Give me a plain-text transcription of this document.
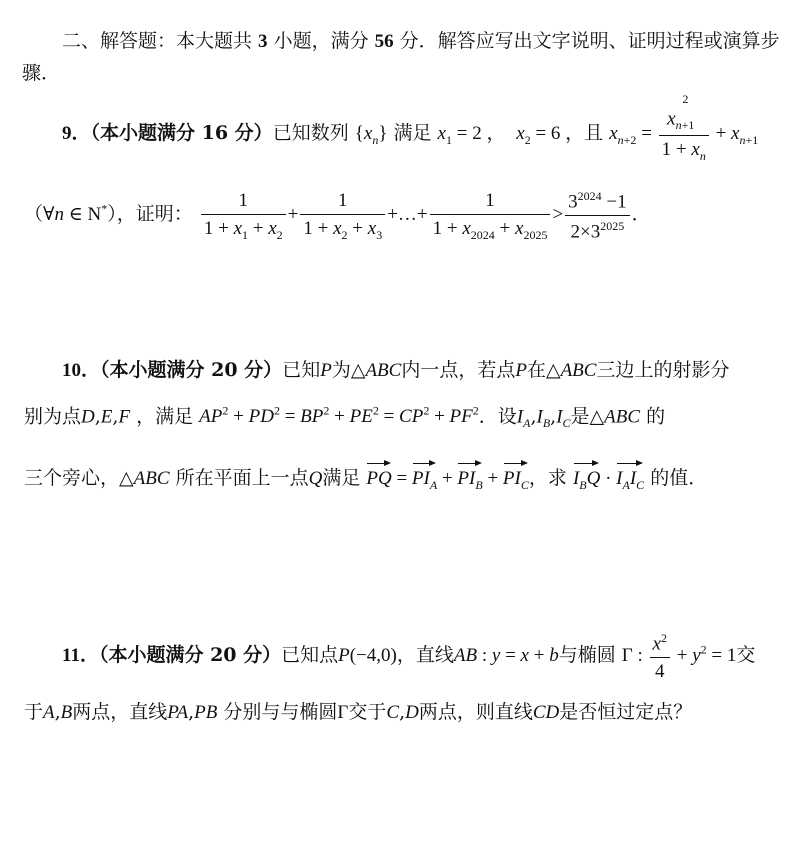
二、解答题：本大题共 3 小题，满分 56 分．解答应写出文字说明、证明过程或演算步
骤．
9．（本小题满分 16 分）已知数列 $\{x_n\}$ 满足 $x_1 = 2$ ， $x_2 = 6$ ，且 $x_{n+2} = \frac{x_{n+1}^2}{1 + x_n} + x_{n+1}$
（∀n ∈ N*），证明： $\frac{1}{1 + x_1 + x_2} + \frac{1}{1 + x_2 + x_3}$ +…+ $\frac{1}{1 + x_{2024} + x_{2025}} > \frac{3^{2024} -1}{2\times 3^{2025}}$ ．
10．（本小题满分 20 分）已知P为△ABC内一点，若点P在△ABC三边上的射影分
别为点D,E,F ，满足 $AP^2 + PD^2 = BP^2 + PE^2 = CP^2 + PF^2$．设$I_A,I_B,I_C$是△ABC 的
三个旁心，△ABC 所在平面上一点Q满足 PQ = $PI_A + PI_B + PI_C$，求 $I_BQ \cdot I_AI_C$ 的值．
11．（本小题满分 20 分）已知点P(−4,0)，直线AB : y = x + b与椭圆 Γ : $\frac{x^2}{4} + y^2 = 1$交
于A,B两点，直线PA,PB 分别与与椭圆Γ交于C,D两点，则直线CD是否恒过定点？
